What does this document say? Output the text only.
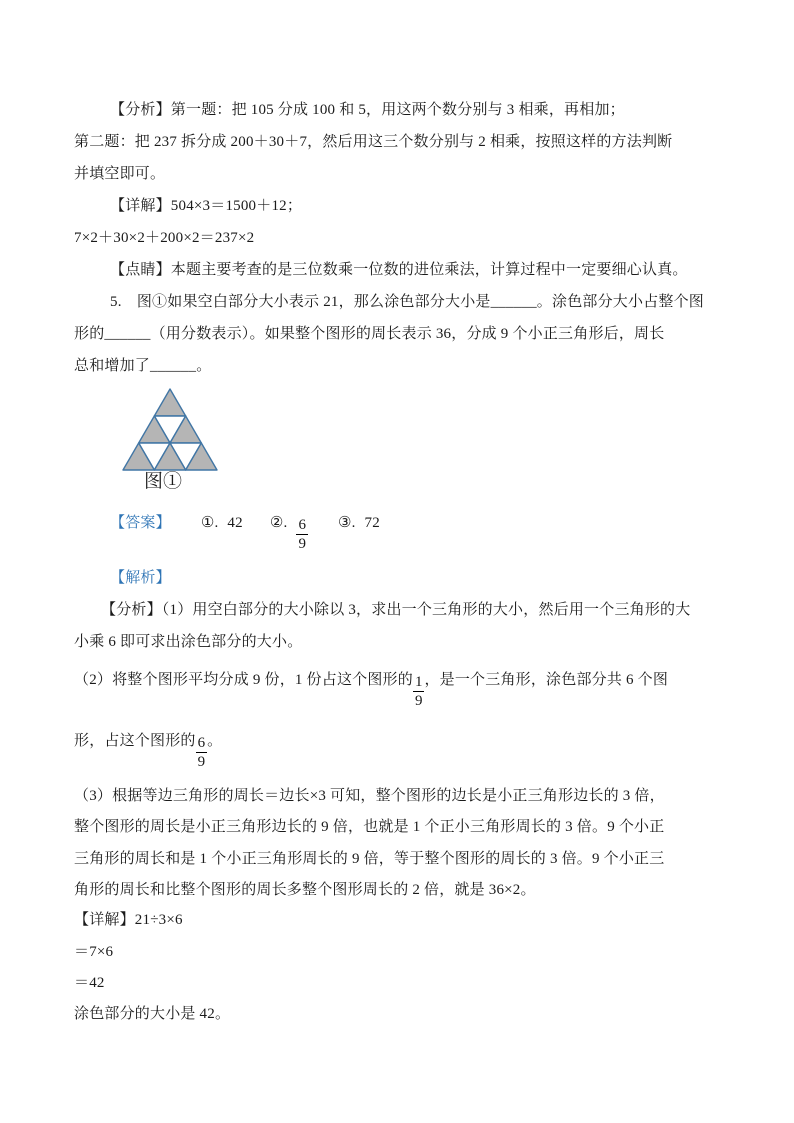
【分析】第一题：把 105 分成 100 和 5，用这两个数分别与 3 相乘，再相加；
第二题：把 237 拆分成 200＋30＋7，然后用这三个数分别与 2 相乘，按照这样的方法判断
并填空即可。
【详解】504×3＝1500＋12；
7×2＋30×2＋200×2＝237×2
【点睛】本题主要考查的是三位数乘一位数的进位乘法，计算过程中一定要细心认真。
5. 图①如果空白部分大小表示 21，那么涂色部分大小是______。涂色部分大小占整个图
形的______（用分数表示）。如果整个图形的周长表示 36，分成 9 个小正三角形后，周长
总和增加了______。
图①
【答案】 ①. 42 ②. $\frac{6}{9}$ ③. 72
【解析】
【分析】（1）用空白部分的大小除以 3，求出一个三角形的大小，然后用一个三角形的大
小乘 6 即可求出涂色部分的大小。
（2）将整个图形平均分成 9 份，1 份占这个图形的 $\frac{1}{9}$ ，是一个三角形，涂色部分共 6 个图
形，占这个图形的 $\frac{6}{9}$ 。
（3）根据等边三角形的周长＝边长×3 可知，整个图形的边长是小正三角形边长的 3 倍，
整个图形的周长是小正三角形边长的 9 倍，也就是 1 个正小三角形周长的 3 倍。9 个小正
三角形的周长和是 1 个小正三角形周长的 9 倍，等于整个图形的周长的 3 倍。9 个小正三
角形的周长和比整个图形的周长多整个图形周长的 2 倍，就是 36×2。
【详解】21÷3×6
＝7×6
＝42
涂色部分的大小是 42。
